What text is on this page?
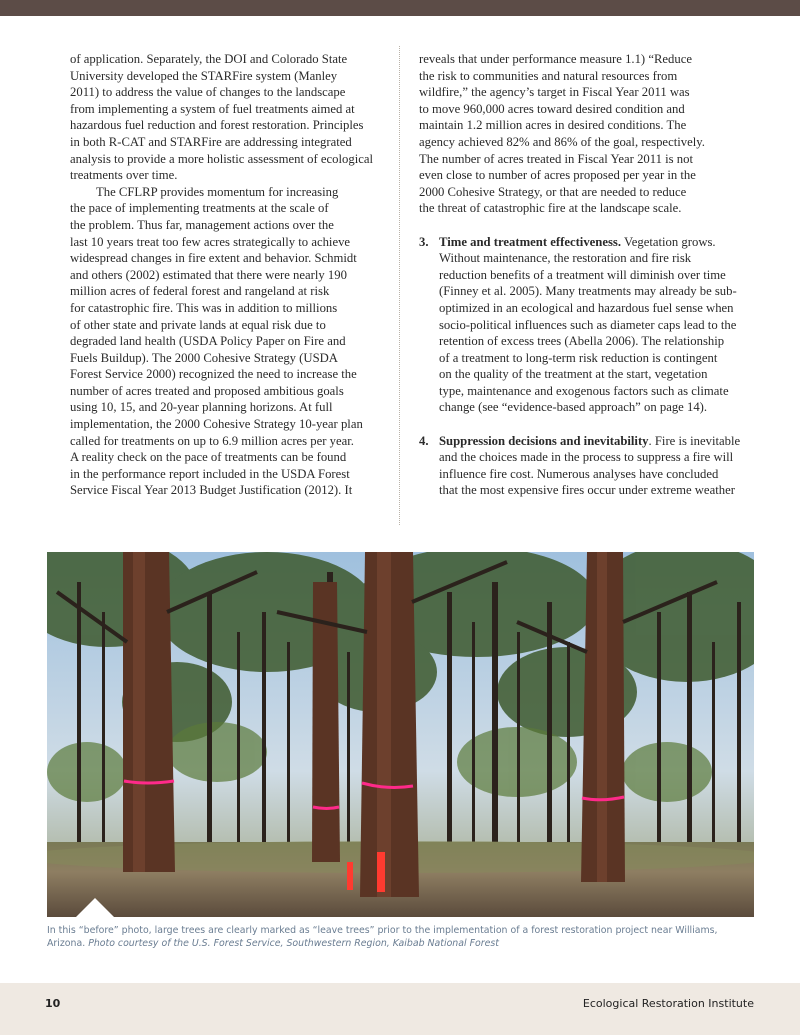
of application. Separately, the DOI and Colorado State
University developed the STARFire system (Manley
2011) to address the value of changes to the landscape
from implementing a system of fuel treatments aimed at
hazardous fuel reduction and forest restoration. Principles
in both R-CAT and STARFire are addressing integrated
analysis to provide a more holistic assessment of ecological
treatments over time.
The CFLRP provides momentum for increasing
the pace of implementing treatments at the scale of
the problem. Thus far, management actions over the
last 10 years treat too few acres strategically to achieve
widespread changes in fire extent and behavior. Schmidt
and others (2002) estimated that there were nearly 190
million acres of federal forest and rangeland at risk
for catastrophic fire. This was in addition to millions
of other state and private lands at equal risk due to
degraded land health (USDA Policy Paper on Fire and
Fuels Buildup). The 2000 Cohesive Strategy (USDA
Forest Service 2000) recognized the need to increase the
number of acres treated and proposed ambitious goals
using 10, 15, and 20-year planning horizons. At full
implementation, the 2000 Cohesive Strategy 10-year plan
called for treatments on up to 6.9 million acres per year.
A reality check on the pace of treatments can be found
in the performance report included in the USDA Forest
Service Fiscal Year 2013 Budget Justification (2012). It
reveals that under performance measure 1.1) “Reduce
the risk to communities and natural resources from
wildfire,” the agency’s target in Fiscal Year 2011 was
to move 960,000 acres toward desired condition and
maintain 1.2 million acres in desired conditions. The
agency achieved 82% and 86% of the goal, respectively.
The number of acres treated in Fiscal Year 2011 is not
even close to number of acres proposed per year in the
2000 Cohesive Strategy, or that are needed to reduce
the threat of catastrophic fire at the landscape scale.
3. Time and treatment effectiveness. Vegetation grows.
Without maintenance, the restoration and fire risk
reduction benefits of a treatment will diminish over time
(Finney et al. 2005). Many treatments may already be sub-
optimized in an ecological and hazardous fuel sense when
socio-political influences such as diameter caps lead to the
retention of excess trees (Abella 2006). The relationship
of a treatment to long-term risk reduction is contingent
on the quality of the treatment at the start, vegetation
type, maintenance and exogenous factors such as climate
change (see “evidence-based approach” on page 14).
4. Suppression decisions and inevitability. Fire is inevitable
and the choices made in the process to suppress a fire will
influence fire cost. Numerous analyses have concluded
that the most expensive fires occur under extreme weather
In this “before” photo, large trees are clearly marked as “leave trees” prior to the implementation of a forest restoration project near Williams, Arizona. Photo courtesy of the U.S. Forest Service, Southwestern Region, Kaibab National Forest
10	Ecological Restoration Institute
